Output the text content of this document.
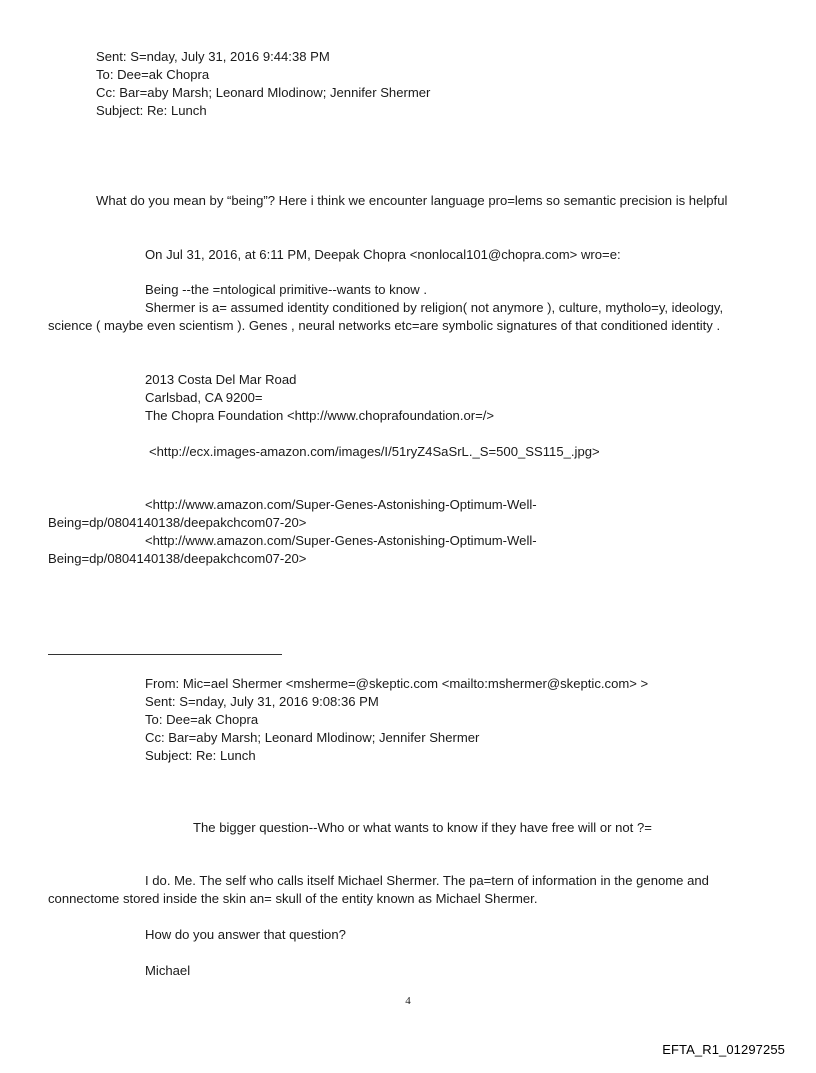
Sent: S=nday, July 31, 2016 9:44:38 PM
To: Dee=ak Chopra
Cc: Bar=aby Marsh; Leonard Mlodinow; Jennifer Shermer
Subject: Re: Lunch
What do you mean by “being”? Here i think we encounter language pro=lems so semantic precision is helpful
On Jul 31, 2016, at 6:11 PM, Deepak Chopra <nonlocal101@chopra.com> wro=e:
Being --the =ntological primitive--wants to know .
Shermer is a= assumed identity conditioned by religion( not anymore ), culture, mytholo=y, ideology,
science ( maybe even scientism ). Genes , neural networks etc=are symbolic signatures of that conditioned identity .
2013 Costa Del Mar Road
Carlsbad, CA 9200=
The Chopra Foundation <http://www.choprafoundation.or=/>
<http://ecx.images-amazon.com/images/I/51ryZ4SaSrL._S=500_SS115_.jpg>
<http://www.amazon.com/Super-Genes-Astonishing-Optimum-Well-
Being=dp/0804140138/deepakchcom07-20>
<http://www.amazon.com/Super-Genes-Astonishing-Optimum-Well-
Being=dp/0804140138/deepakchcom07-20>
From: Mic=ael Shermer <msherme=@skeptic.com <mailto:mshermer@skeptic.com> >
Sent: S=nday, July 31, 2016 9:08:36 PM
To: Dee=ak Chopra
Cc: Bar=aby Marsh; Leonard Mlodinow; Jennifer Shermer
Subject: Re: Lunch
The bigger question--Who or what wants to know if they have free will or not ?=
I do. Me. The self who calls itself Michael Shermer. The pa=tern of information in the genome and
connectome stored inside the skin an= skull of the entity known as Michael Shermer.
How do you answer that question?
Michael
4
EFTA_R1_01297255
